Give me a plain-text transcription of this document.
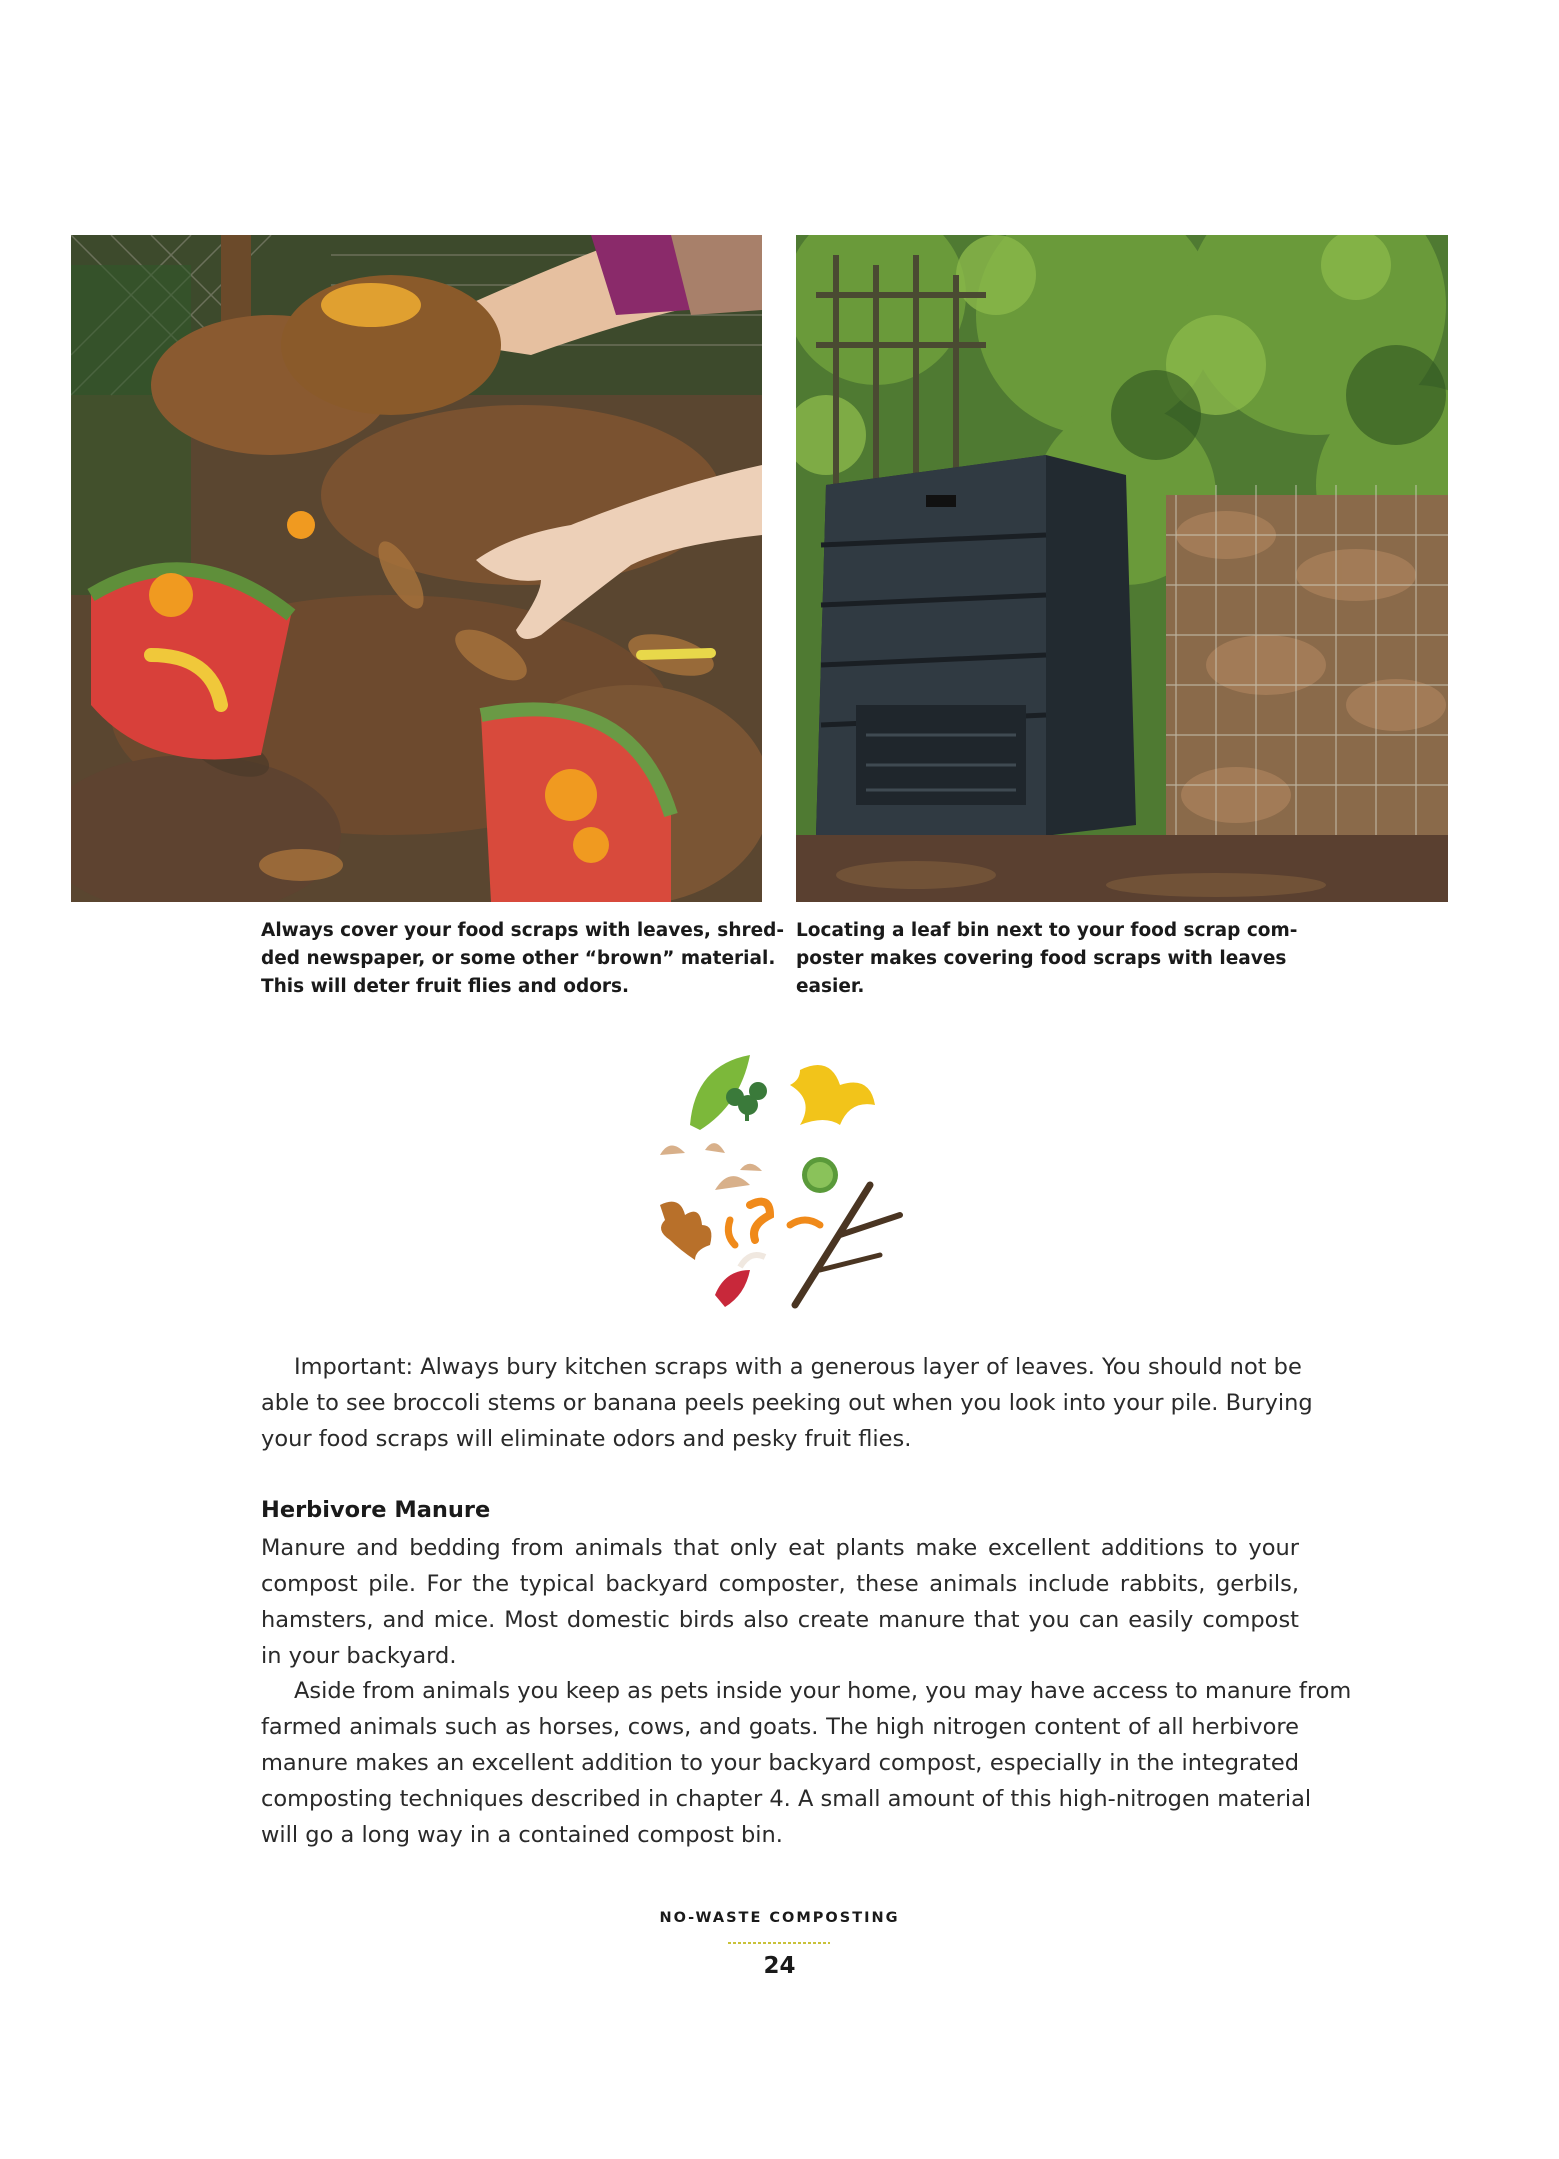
Always cover your food scraps with leaves, shred-
ded newspaper, or some other “brown” material.
This will deter fruit flies and odors.

Locating a leaf bin next to your food scrap com-
poster makes covering food scraps with leaves
easier.

Important: Always bury kitchen scraps with a generous layer of leaves. You should not be
able to see broccoli stems or banana peels peeking out when you look into your pile. Burying
your food scraps will eliminate odors and pesky fruit flies.
Herbivore Manure
Manure and bedding from animals that only eat plants make excellent additions to your
compost pile. For the typical backyard composter, these animals include rabbits, gerbils,
hamsters, and mice. Most domestic birds also create manure that you can easily compost
in your backyard.
Aside from animals you keep as pets inside your home, you may have access to manure from
farmed animals such as horses, cows, and goats. The high nitrogen content of all herbivore
manure makes an excellent addition to your backyard compost, especially in the integrated
composting techniques described in chapter 4. A small amount of this high-nitrogen material
will go a long way in a contained compost bin.
NO-WASTE COMPOSTING
24
